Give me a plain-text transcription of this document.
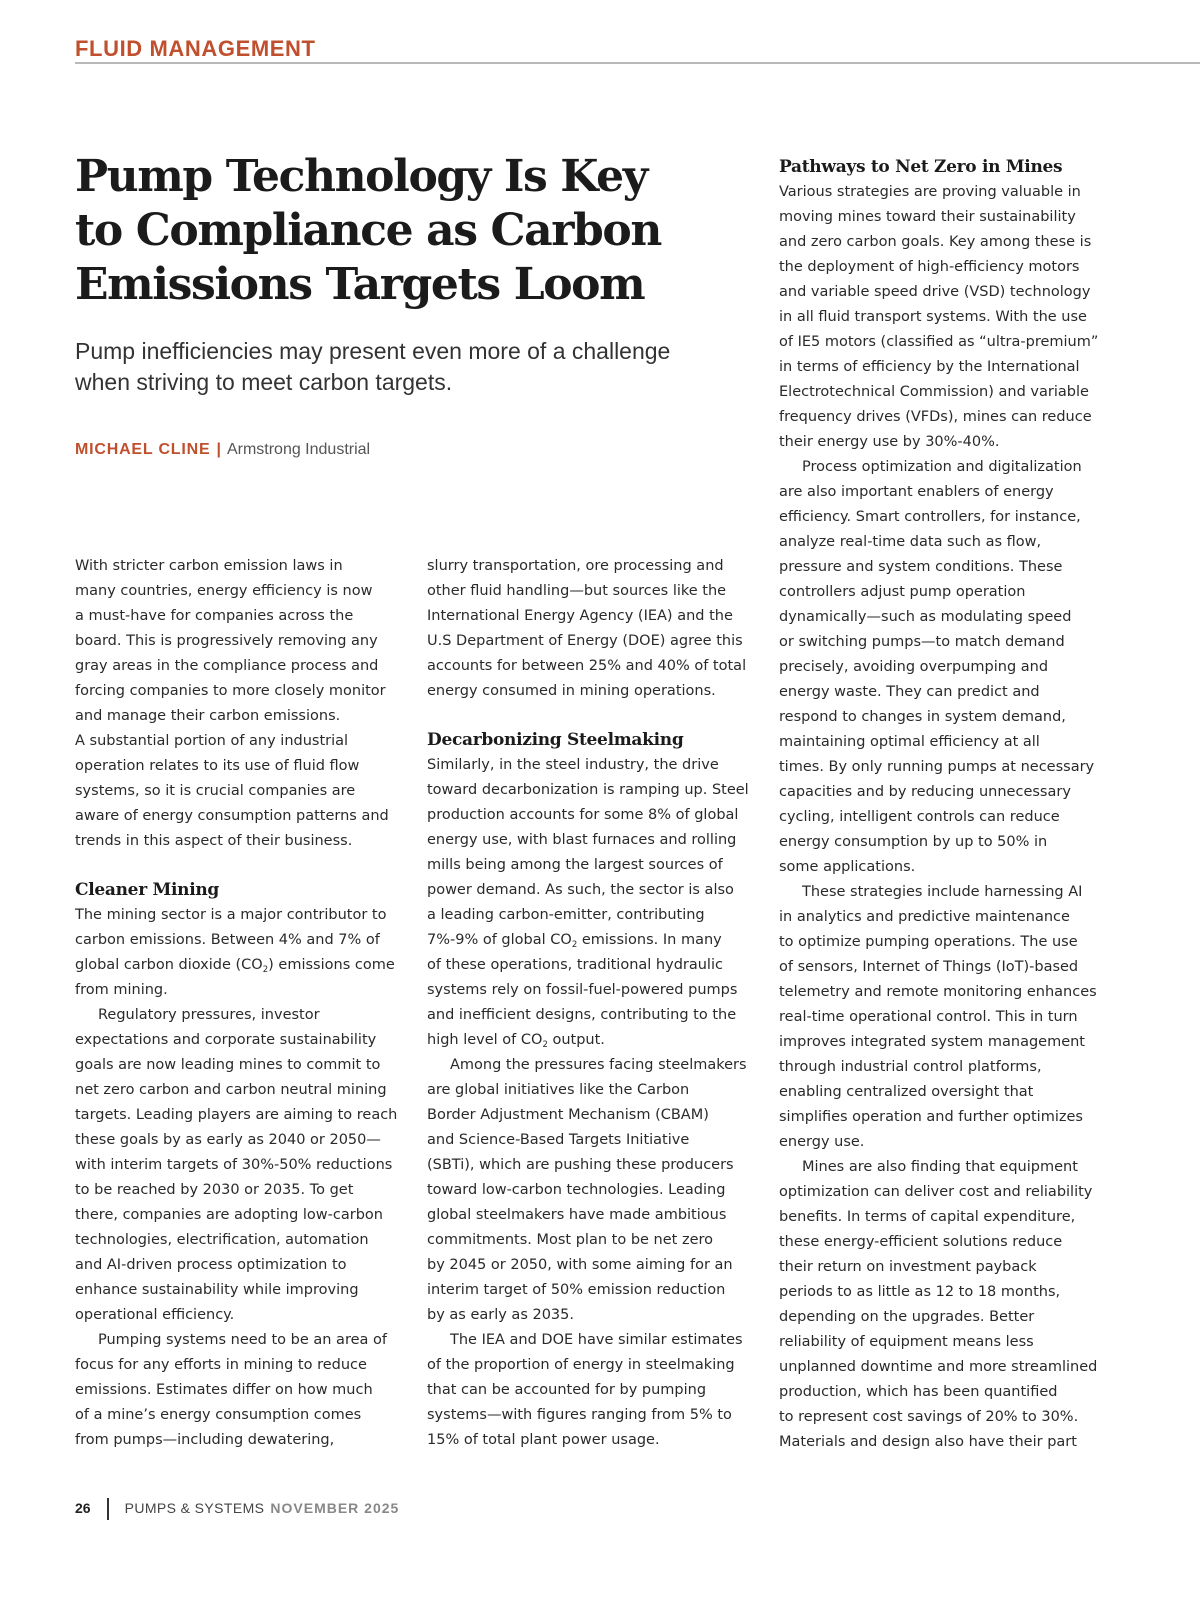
FLUID MANAGEMENT
Pump Technology Is Key
to Compliance as Carbon
Emissions Targets Loom
Pump inefficiencies may present even more of a challenge
when striving to meet carbon targets.
MICHAEL CLINE | Armstrong Industrial
With stricter carbon emission laws in
many countries, energy efficiency is now
a must-have for companies across the
board. This is progressively removing any
gray areas in the compliance process and
forcing companies to more closely monitor
and manage their carbon emissions.
A substantial portion of any industrial
operation relates to its use of fluid flow
systems, so it is crucial companies are
aware of energy consumption patterns and
trends in this aspect of their business.
Cleaner Mining
The mining sector is a major contributor to
carbon emissions. Between 4% and 7% of
global carbon dioxide $(CO_2)$ emissions come
from mining.
Regulatory pressures, investor
expectations and corporate sustainability
goals are now leading mines to commit to
net zero carbon and carbon neutral mining
targets. Leading players are aiming to reach
these goals by as early as 2040 or 2050—
with interim targets of 30%-50% reductions
to be reached by 2030 or 2035. To get
there, companies are adopting low-carbon
technologies, electrification, automation
and AI-driven process optimization to
enhance sustainability while improving
operational efficiency.
Pumping systems need to be an area of
focus for any efforts in mining to reduce
emissions. Estimates differ on how much
of a mine’s energy consumption comes
from pumps—including dewatering,
slurry transportation, ore processing and
other fluid handling—but sources like the
International Energy Agency (IEA) and the
U.S Department of Energy (DOE) agree this
accounts for between 25% and 40% of total
energy consumed in mining operations.
Decarbonizing Steelmaking
Similarly, in the steel industry, the drive
toward decarbonization is ramping up. Steel
production accounts for some 8% of global
energy use, with blast furnaces and rolling
mills being among the largest sources of
power demand. As such, the sector is also
a leading carbon-emitter, contributing
7%-9% of global $CO_2$ emissions. In many
of these operations, traditional hydraulic
systems rely on fossil-fuel-powered pumps
and inefficient designs, contributing to the
high level of $CO_2$ output.
Among the pressures facing steelmakers
are global initiatives like the Carbon
Border Adjustment Mechanism (CBAM)
and Science-Based Targets Initiative
(SBTi), which are pushing these producers
toward low-carbon technologies. Leading
global steelmakers have made ambitious
commitments. Most plan to be net zero
by 2045 or 2050, with some aiming for an
interim target of 50% emission reduction
by as early as 2035.
The IEA and DOE have similar estimates
of the proportion of energy in steelmaking
that can be accounted for by pumping
systems—with figures ranging from 5% to
15% of total plant power usage.
Pathways to Net Zero in Mines
Various strategies are proving valuable in
moving mines toward their sustainability
and zero carbon goals. Key among these is
the deployment of high-efficiency motors
and variable speed drive (VSD) technology
in all fluid transport systems. With the use
of IE5 motors (classified as “ultra-premium”
in terms of efficiency by the International
Electrotechnical Commission) and variable
frequency drives (VFDs), mines can reduce
their energy use by 30%-40%.
Process optimization and digitalization
are also important enablers of energy
efficiency. Smart controllers, for instance,
analyze real-time data such as flow,
pressure and system conditions. These
controllers adjust pump operation
dynamically—such as modulating speed
or switching pumps—to match demand
precisely, avoiding overpumping and
energy waste. They can predict and
respond to changes in system demand,
maintaining optimal efficiency at all
times. By only running pumps at necessary
capacities and by reducing unnecessary
cycling, intelligent controls can reduce
energy consumption by up to 50% in
some applications.
These strategies include harnessing AI
in analytics and predictive maintenance
to optimize pumping operations. The use
of sensors, Internet of Things (IoT)-based
telemetry and remote monitoring enhances
real-time operational control. This in turn
improves integrated system management
through industrial control platforms,
enabling centralized oversight that
simplifies operation and further optimizes
energy use.
Mines are also finding that equipment
optimization can deliver cost and reliability
benefits. In terms of capital expenditure,
these energy-efficient solutions reduce
their return on investment payback
periods to as little as 12 to 18 months,
depending on the upgrades. Better
reliability of equipment means less
unplanned downtime and more streamlined
production, which has been quantified
to represent cost savings of 20% to 30%.
Materials and design also have their part
26 PUMPS & SYSTEMS NOVEMBER 2025
